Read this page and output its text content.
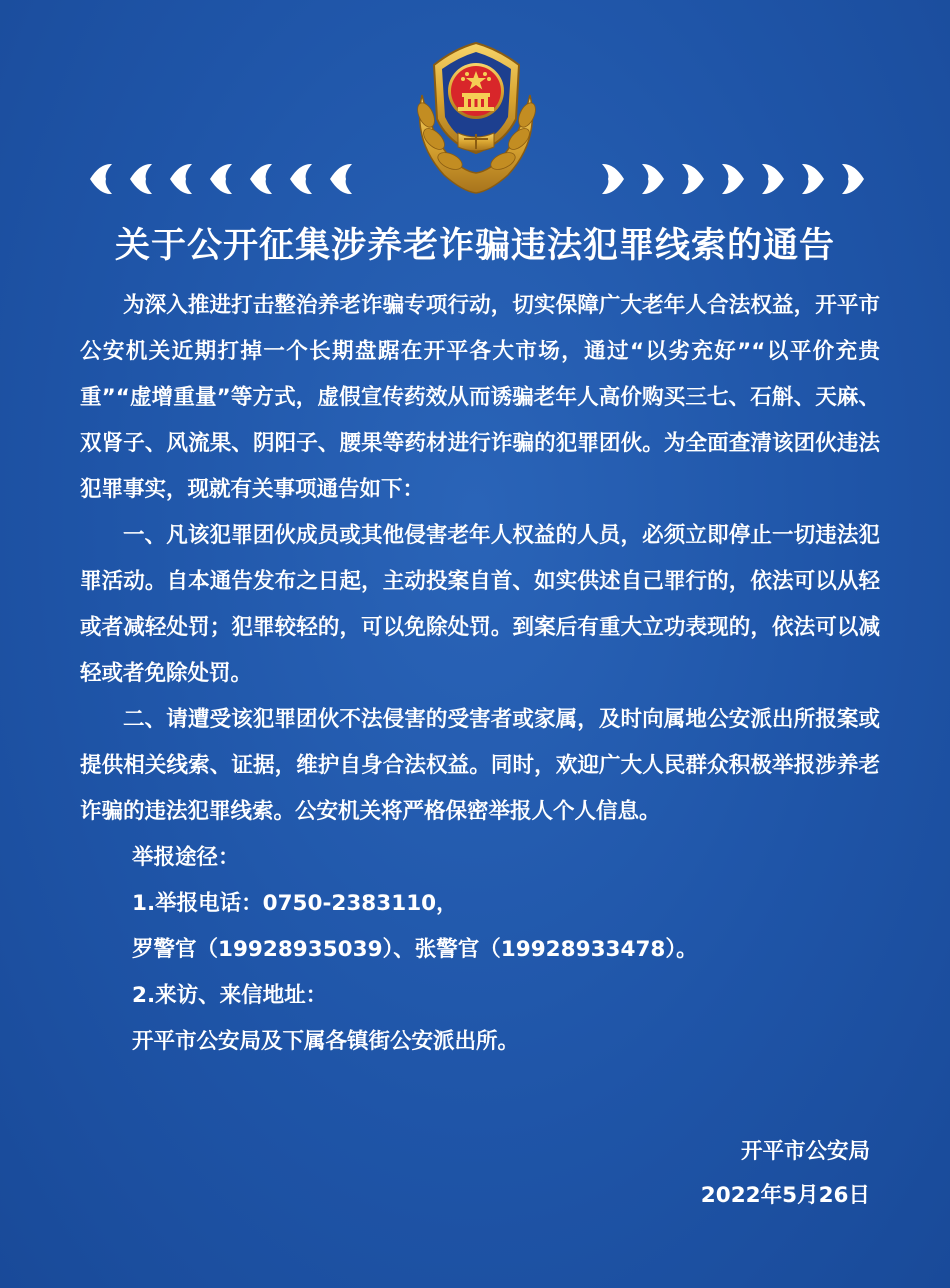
关于公开征集涉养老诈骗违法犯罪线索的通告

为深入推进打击整治养老诈骗专项行动，切实保障广大老年人合法权益，开平市公安机关近期打掉一个长期盘踞在开平各大市场，通过“以劣充好”“以平价充贵重”“虚增重量”等方式，虚假宣传药效从而诱骗老年人高价购买三七、石斛、天麻、双肾子、风流果、阴阳子、腰果等药材进行诈骗的犯罪团伙。为全面查清该团伙违法犯罪事实，现就有关事项通告如下：

一、凡该犯罪团伙成员或其他侵害老年人权益的人员，必须立即停止一切违法犯罪活动。自本通告发布之日起，主动投案自首、如实供述自己罪行的，依法可以从轻或者减轻处罚；犯罪较轻的，可以免除处罚。到案后有重大立功表现的，依法可以减轻或者免除处罚。

二、请遭受该犯罪团伙不法侵害的受害者或家属，及时向属地公安派出所报案或提供相关线索、证据，维护自身合法权益。同时，欢迎广大人民群众积极举报涉养老诈骗的违法犯罪线索。公安机关将严格保密举报人个人信息。

举报途径：

1.举报电话：0750-2383110，

罗警官（19928935039）、张警官（19928933478）。

2.来访、来信地址：

开平市公安局及下属各镇街公安派出所。

开平市公安局
2022年5月26日
